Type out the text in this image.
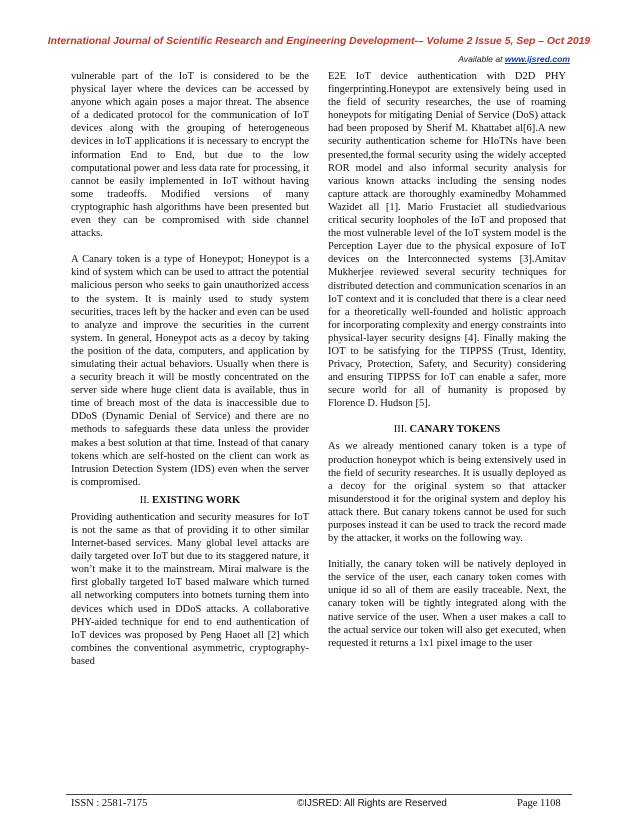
International Journal of Scientific Research and Engineering Development-– Volume 2 Issue 5, Sep – Oct 2019
Available at www.ijsred.com

vulnerable part of the IoT is considered to be the physical layer where the devices can be accessed by anyone which again poses a major threat. The absence of a dedicated protocol for the communication of IoT devices along with the grouping of heterogeneous devices in IoT applications it is necessary to encrypt the information End to End, but due to the low computational power and less data rate for processing, it cannot be easily implemented in IoT without having some tradeoffs. Modified versions of many cryptographic hash algorithms have been presented but even they can be compromised with side channel attacks.

A Canary token is a type of Honeypot; Honeypot is a kind of system which can be used to attract the potential malicious person who seeks to gain unauthorized access to the system. It is mainly used to study system securities, traces left by the hacker and even can be used to analyze and improve the securities in the current system. In general, Honeypot acts as a decoy by taking the position of the data, computers, and application by simulating their actual behaviors. Usually when there is a security breach it will be mostly concentrated on the server side where huge client data is available, thus in time of breach most of the data is inaccessible due to DDoS (Dynamic Denial of Service) and there are no methods to safeguards these data unless the provider makes a best solution at that time. Instead of that canary tokens which are self-hosted on the client can work as Intrusion Detection System (IDS) even when the server is compromised.

II. EXISTING WORK

Providing authentication and security measures for IoT is not the same as that of providing it to other similar Internet-based services. Many global level attacks are daily targeted over IoT but due to its staggered nature, it won’t make it to the mainstream. Mirai malware is the first globally targeted IoT based malware which turned all networking computers into botnets turning them into devices which used in DDoS attacks. A collaborative PHY-aided technique for end to end authentication of IoT devices was proposed by Peng Haoet all [2] which combines the conventional asymmetric, cryptography-based

E2E IoT device authentication with D2D PHY fingerprinting.Honeypot are extensively being used in the field of security researches, the use of roaming honeypots for mitigating Denial of Service (DoS) attack had been proposed by Sherif M. Khattabet al[6].A new security authentication scheme for HIoTNs have been presented,the formal security using the widely accepted ROR model and also informal security analysis for various known attacks including the sensing nodes capture attack are thoroughly examinedby Mohammed Wazidet all [1]. Mario Frustaciet all studiedvarious critical security loopholes of the IoT and proposed that the most vulnerable level of the IoT system model is the Perception Layer due to the physical exposure of IoT devices on the Interconnected systems [3].Amitav Mukherjee reviewed several security techniques for distributed detection and communication scenarios in an IoT context and it is concluded that there is a clear need for a theoretically well-founded and holistic approach for incorporating complexity and energy constraints into physical-layer security designs [4]. Finally making the IOT to be satisfying for the TIPPSS (Trust, Identity, Privacy, Protection, Safety, and Security) considering and ensuring TIPPSS for IoT can enable a safer, more secure world for all of humanity is proposed by Florence D. Hudson [5].

III. CANARY TOKENS

As we already mentioned canary token is a type of production honeypot which is being extensively used in the field of security researches. It is usually deployed as a decoy for the original system so that attacker misunderstood it for the original system and deploy his attack there. But canary tokens cannot be used for such purposes instead it can be used to track the record made by the attacker, it works on the following way.

Initially, the canary token will be natively deployed in the service of the user, each canary token comes with unique id so all of them are easily traceable. Next, the canary token will be tightly integrated along with the native service of the user. When a user makes a call to the actual service our token will also get executed, when requested it returns a 1x1 pixel image to the user

ISSN : 2581-7175	©IJSRED: All Rights are Reserved	Page 1108
